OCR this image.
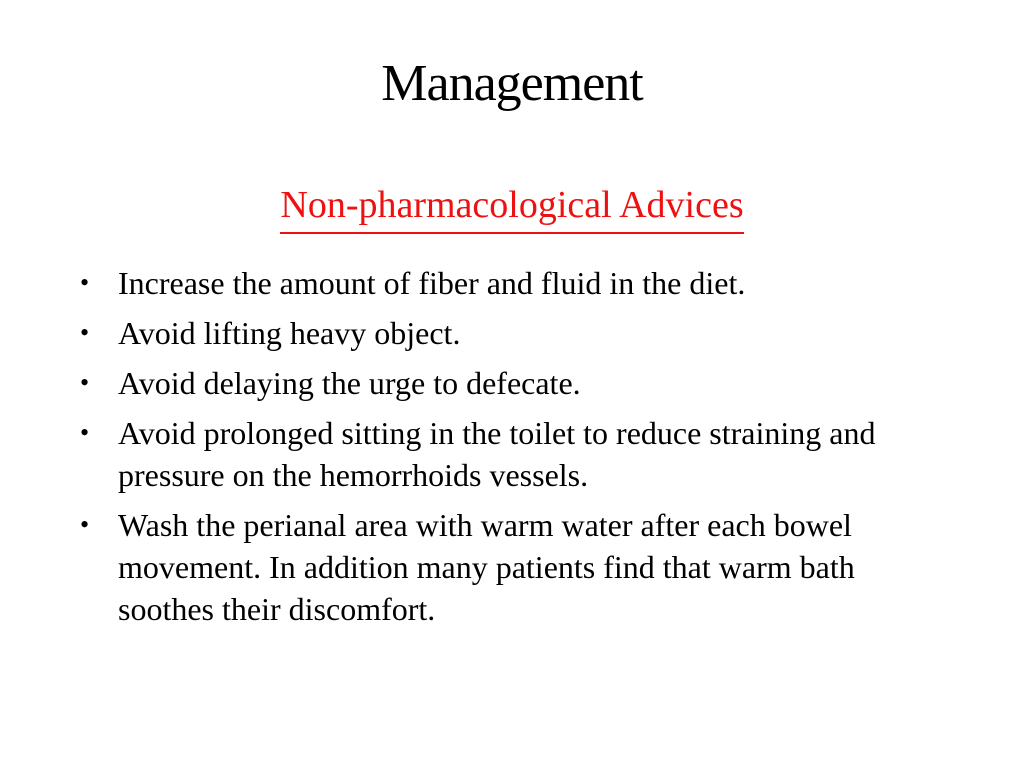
Management
Non-pharmacological Advices
• Increase the amount of fiber and fluid in the diet.
• Avoid lifting heavy object.
• Avoid delaying the urge to defecate.
• Avoid prolonged sitting in the toilet to reduce straining and pressure on the hemorrhoids vessels.
• Wash the perianal area with warm water after each bowel movement. In addition many patients find that warm bath soothes their discomfort.
